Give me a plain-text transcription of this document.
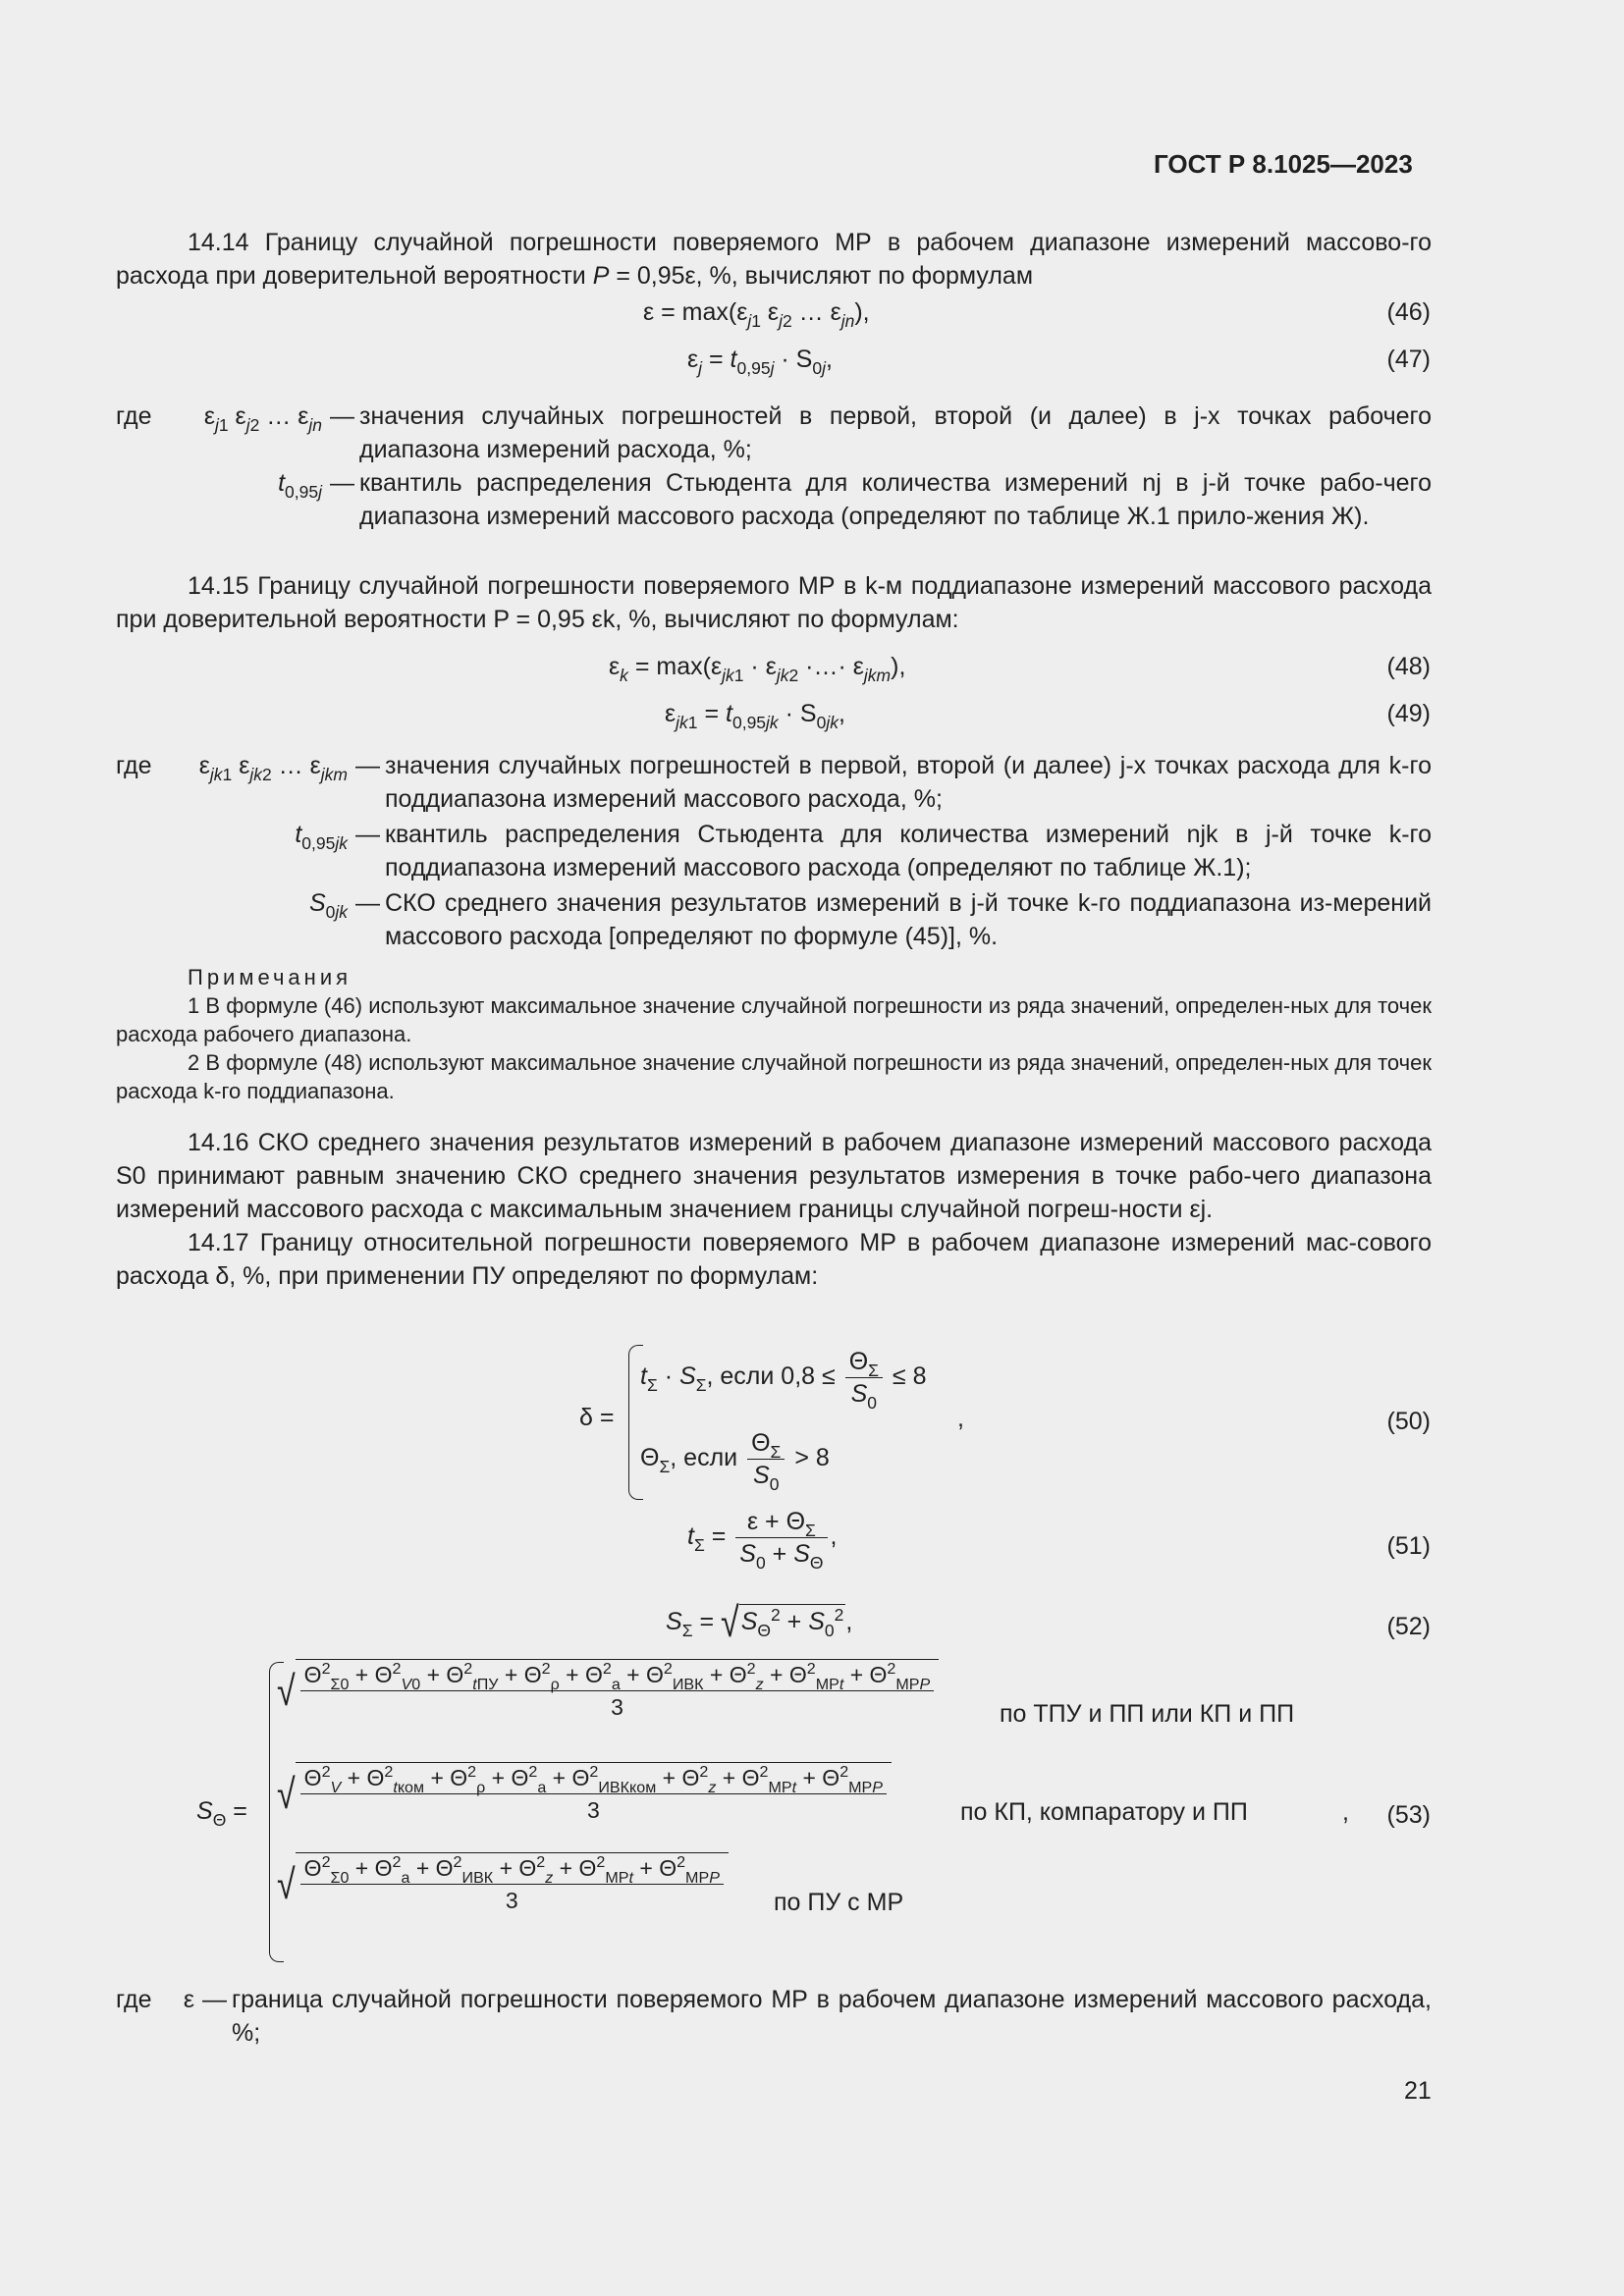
ГОСТ Р 8.1025—2023

14.14 Границу случайной погрешности поверяемого МР в рабочем диапазоне измерений массово-го расхода при доверительной вероятности P = 0,95ε, %, вычисляют по формулам

$\varepsilon = \max(\varepsilon_{j1}$ $\varepsilon_{j2}$ … $\varepsilon_{jn}$),	(46)
$\varepsilon_j = t_{0,95j} \cdot S_{0j}$,	(47)
где $\varepsilon_{j1}$ $\varepsilon_{j2}$ … $\varepsilon_{jn}$ — значения случайных погрешностей в первой, второй (и далее) в j-х точках рабочего диапазона измерений расхода, %;
$t_{0,95j}$ — квантиль распределения Стьюдента для количества измерений nj в j-й точке рабо-чего диапазона измерений массового расхода (определяют по таблице Ж.1 прило-жения Ж).

14.15 Границу случайной погрешности поверяемого МР в k-м поддиапазоне измерений массового расхода при доверительной вероятности P = 0,95 εk, %, вычисляют по формулам:

$\varepsilon_k = \max(\varepsilon_{jk1} \cdot \varepsilon_{jk2}$ ·…· $\varepsilon_{jkm}$),	(48)
$\varepsilon_{jk1} = t_{0,95jk} \cdot S_{0jk}$,	(49)
где $\varepsilon_{jk1}$ $\varepsilon_{jk2}$ … $\varepsilon_{jkm}$ — значения случайных погрешностей в первой, второй (и далее) j-х точках расхода для k-го поддиапазона измерений массового расхода, %;
$t_{0,95jk}$ — квантиль распределения Стьюдента для количества измерений njk в j-й точке k-го поддиапазона измерений массового расхода (определяют по таблице Ж.1);
$S_{0jk}$ — СКО среднего значения результатов измерений в j-й точке k-го поддиапазона из-мерений массового расхода [определяют по формуле (45)], %.
Примечания

1 В формуле (46) используют максимальное значение случайной погрешности из ряда значений, определен-ных для точек расхода рабочего диапазона.

2 В формуле (48) используют максимальное значение случайной погрешности из ряда значений, определен-ных для точек расхода k-го поддиапазона.

14.16 СКО среднего значения результатов измерений в рабочем диапазоне измерений массового расхода S0 принимают равным значению СКО среднего значения результатов измерения в точке рабо-чего диапазона измерений массового расхода с максимальным значением границы случайной погреш-ности εj.

14.17 Границу относительной погрешности поверяемого МР в рабочем диапазоне измерений мас-сового расхода δ, %, при применении ПУ определяют по формулам:

δ =
$t_\Sigma \cdot S_\Sigma$, если $0,8 \le \frac{\Theta_\Sigma}{S_0} \le 8$
$\Theta_\Sigma$, если $\frac{\Theta_\Sigma}{S_0} > 8$
,	(50)
$t_\Sigma = \frac{\varepsilon + \Theta_\Sigma}{S_0 + S_\Theta}$ ,	(51)
$S_\Sigma = √S_\Theta^2 + S_0^2$,	(52)
$S_\Theta$ =
√ $\Theta^2_{\Sigma 0} + \Theta^2_{V0} + \Theta^2_{tПУ} + \Theta^2_\rho + \Theta^2_a + \Theta^2_{ИВК} + \Theta^2_z + \Theta^2_{МРt} + \Theta^2_{МРP}$
3	по ТПУ и ПП или КП и ПП
√ $\frac{\Theta^2_V + \Theta^2_{tком} + \Theta^2_\rho + \Theta^2_a + \Theta^2_{ИВКком} + \Theta^2_z + \Theta^2_{МРt} + \Theta^2_{МРP}}{3}$	по КП, компаратору и ПП	, (53)
√ $\frac{\Theta^2_{\Sigma 0} + \Theta^2_a + \Theta^2_{ИВК} + \Theta^2_z + \Theta^2_{МРt} + \Theta^2_{МРP}}{3}$ по ПУ с МР
где ε — граница случайной погрешности поверяемого МР в рабочем диапазоне измерений массового расхода, %;
21
